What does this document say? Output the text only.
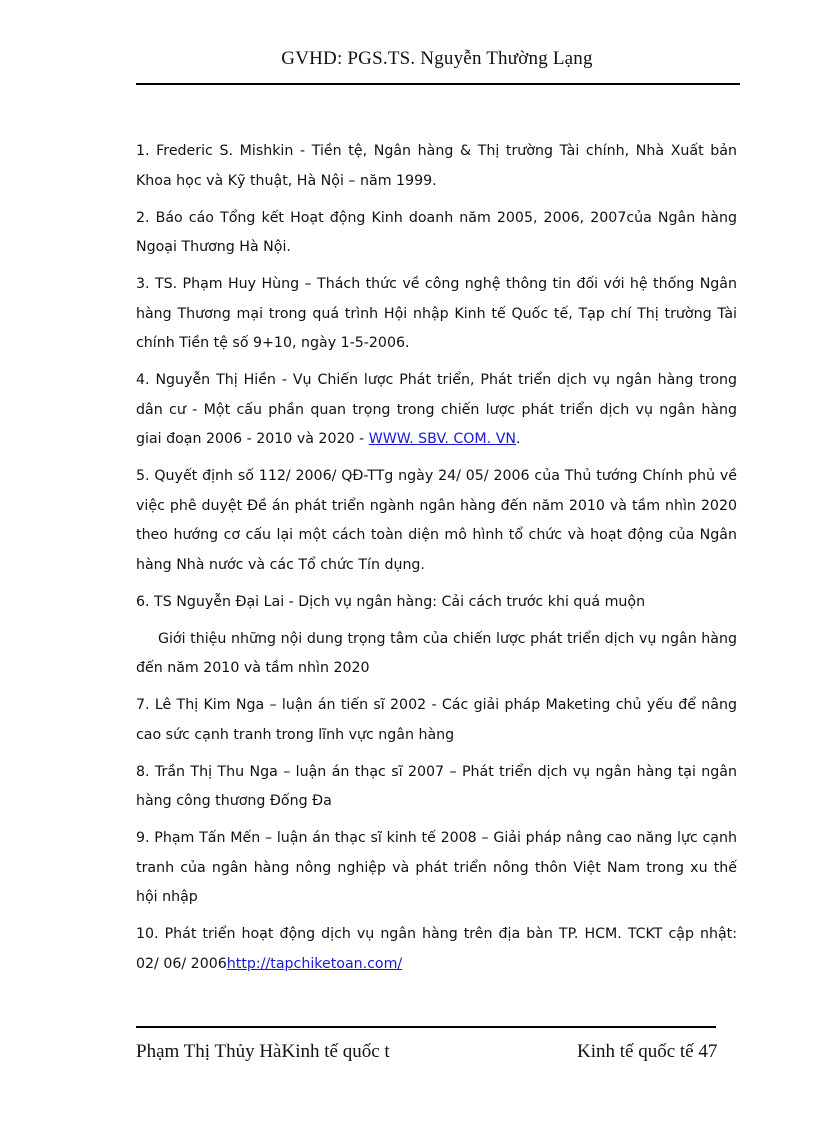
GVHD: PGS.TS. Nguyễn Thường Lạng

1. Frederic S. Mishkin - Tiền tệ, Ngân hàng & Thị trường Tài chính, Nhà Xuất bản Khoa học và Kỹ thuật, Hà Nội – năm 1999.

2. Báo cáo Tổng kết Hoạt động Kinh doanh năm 2005, 2006, 2007của Ngân hàng Ngoại Thương Hà Nội.

3. TS. Phạm Huy Hùng – Thách thức về công nghệ thông tin đối với hệ thống Ngân hàng Thương mại trong quá trình Hội nhập Kinh tế Quốc tế, Tạp chí Thị trường Tài chính Tiền tệ số 9+10, ngày 1-5-2006.

4. Nguyễn Thị Hiền - Vụ Chiến lược Phát triển, Phát triển dịch vụ ngân hàng trong dân cư - Một cấu phần quan trọng trong chiến lược phát triển dịch vụ ngân hàng giai đoạn 2006 - 2010 và 2020 - WWW. SBV. COM. VN.

5. Quyết định số 112/ 2006/ QĐ-TTg ngày 24/ 05/ 2006 của Thủ tướng Chính phủ về việc phê duyệt Đề án phát triển ngành ngân hàng đến năm 2010 và tầm nhìn 2020 theo hướng cơ cấu lại một cách toàn diện mô hình tổ chức và hoạt động của Ngân hàng Nhà nước và các Tổ chức Tín dụng.

6. TS Nguyễn Đại Lai - Dịch vụ ngân hàng: Cải cách trước khi quá muộn

Giới thiệu những nội dung trọng tâm của chiến lược phát triển dịch vụ ngân hàng đến năm 2010 và tầm nhìn 2020

7. Lê Thị Kim Nga – luận án tiến sĩ 2002 - Các giải pháp Maketing chủ yếu để nâng cao sức cạnh tranh trong lĩnh vực ngân hàng

8. Trần Thị Thu Nga – luận án thạc sĩ 2007 – Phát triển dịch vụ ngân hàng tại ngân hàng công thương Đống Đa

9. Phạm Tấn Mến – luận án thạc sĩ kinh tế 2008 – Giải pháp nâng cao năng lực cạnh tranh của ngân hàng nông nghiệp và phát triển nông thôn Việt Nam trong xu thế hội nhập

10. Phát triển hoạt động dịch vụ ngân hàng trên địa bàn TP. HCM. TCKT cập nhật: 02/ 06/ 2006http://tapchiketoan.com/

Phạm Thị Thủy HàKinh tế quốc t	Kinh tế quốc tế 47
